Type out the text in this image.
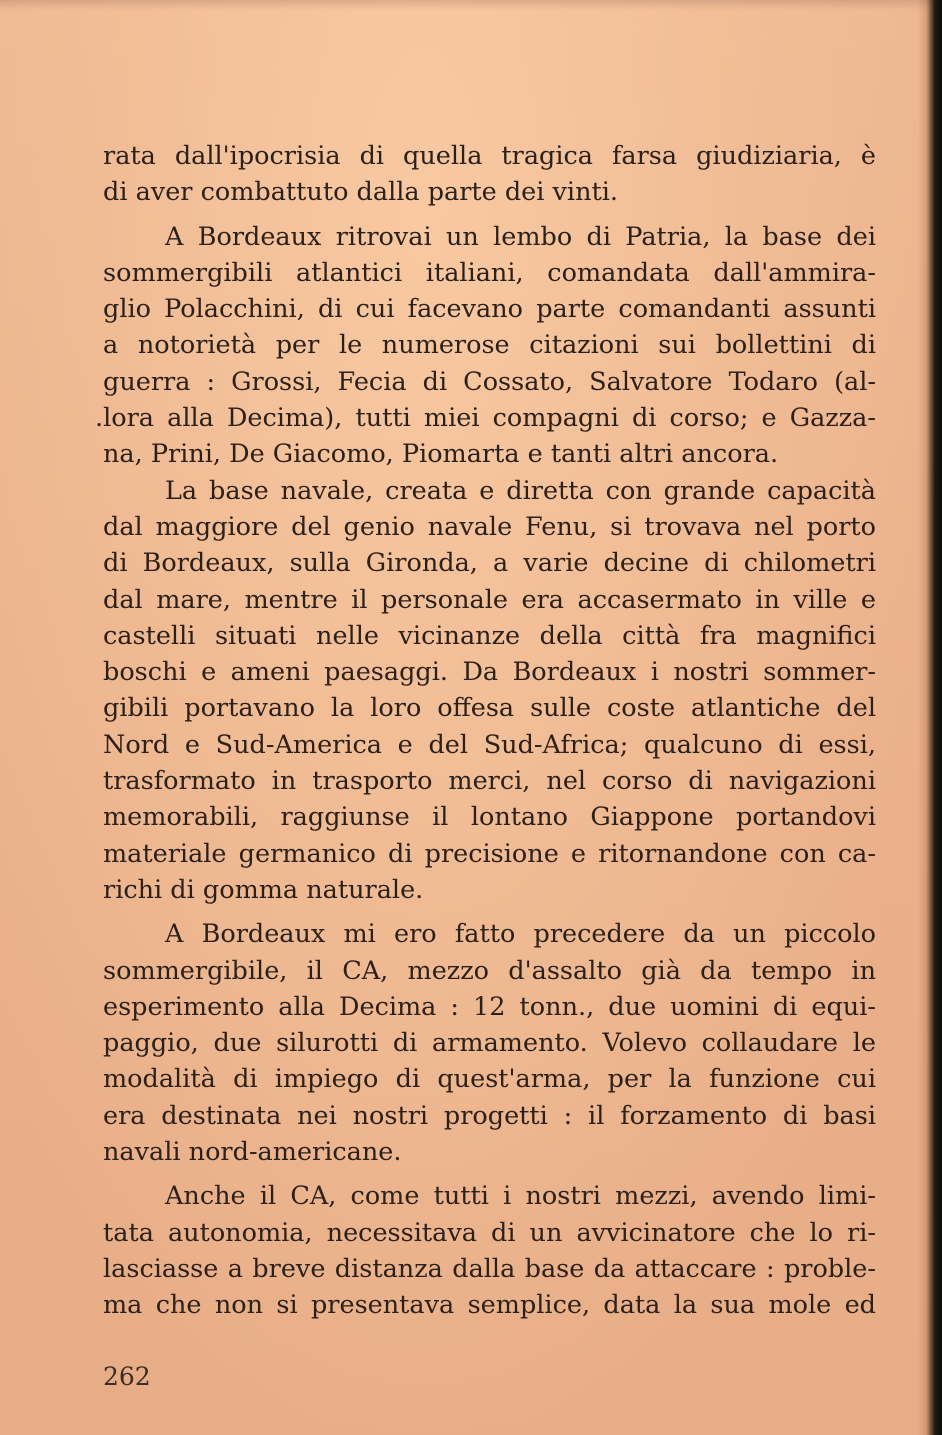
rata dall'ipocrisia di quella tragica farsa giudiziaria, è
di aver combattuto dalla parte dei vinti.
A Bordeaux ritrovai un lembo di Patria, la base dei
sommergibili atlantici italiani, comandata dall'ammira-
glio Polacchini, di cui facevano parte comandanti assunti
a notorietà per le numerose citazioni sui bollettini di
guerra : Grossi, Fecia di Cossato, Salvatore Todaro (al-
.lora alla Decima), tutti miei compagni di corso; e Gazza-
na, Prini, De Giacomo, Piomarta e tanti altri ancora.
La base navale, creata e diretta con grande capacità
dal maggiore del genio navale Fenu, si trovava nel porto
di Bordeaux, sulla Gironda, a varie decine di chilometri
dal mare, mentre il personale era accasermato in ville e
castelli situati nelle vicinanze della città fra magnifici
boschi e ameni paesaggi. Da Bordeaux i nostri sommer-
gibili portavano la loro offesa sulle coste atlantiche del
Nord e Sud-America e del Sud-Africa; qualcuno di essi,
trasformato in trasporto merci, nel corso di navigazioni
memorabili, raggiunse il lontano Giappone portandovi
materiale germanico di precisione e ritornandone con ca-
richi di gomma naturale.
A Bordeaux mi ero fatto precedere da un piccolo
sommergibile, il CA, mezzo d'assalto già da tempo in
esperimento alla Decima : 12 tonn., due uomini di equi-
paggio, due silurotti di armamento. Volevo collaudare le
modalità di impiego di quest'arma, per la funzione cui
era destinata nei nostri progetti : il forzamento di basi
navali nord-americane.
Anche il CA, come tutti i nostri mezzi, avendo limi-
tata autonomia, necessitava di un avvicinatore che lo ri-
lasciasse a breve distanza dalla base da attaccare : proble-
ma che non si presentava semplice, data la sua mole ed
262
